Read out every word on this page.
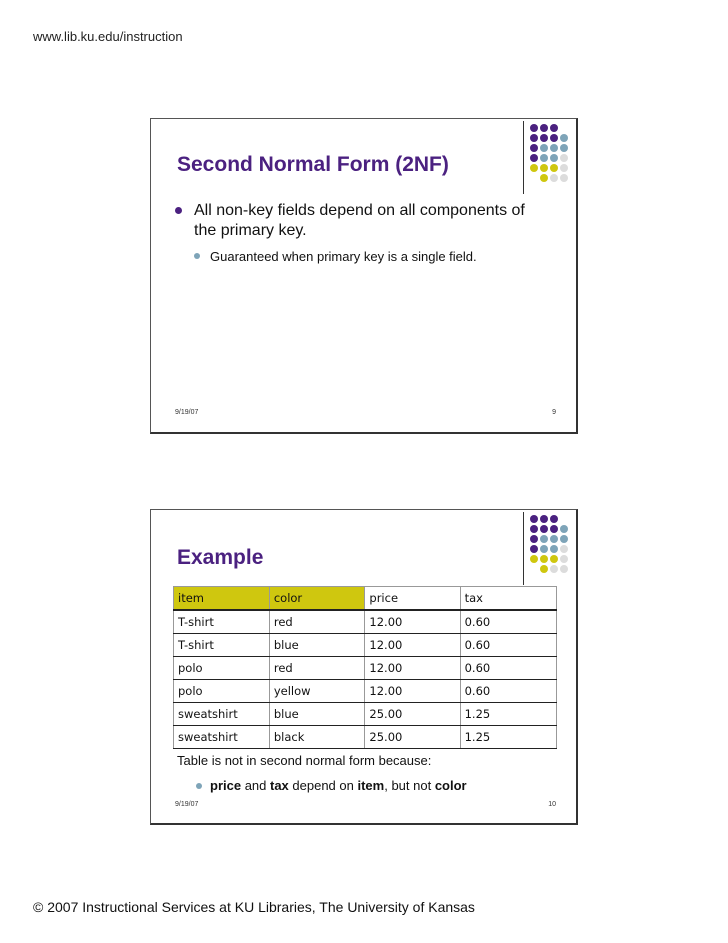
www.lib.ku.edu/instruction
Second Normal Form (2NF)
All non-key fields depend on all components of the primary key.
Guaranteed when primary key is a single field.
9/19/07	9
Example
item	color	price	tax
T-shirt	red	12.00	0.60
T-shirt	blue	12.00	0.60
polo	red	12.00	0.60
polo	yellow	12.00	0.60
sweatshirt	blue	25.00	1.25
sweatshirt	black	25.00	1.25
Table is not in second normal form because:
price and tax depend on item, but not color
9/19/07	10
© 2007 Instructional Services at KU Libraries, The University of Kansas
